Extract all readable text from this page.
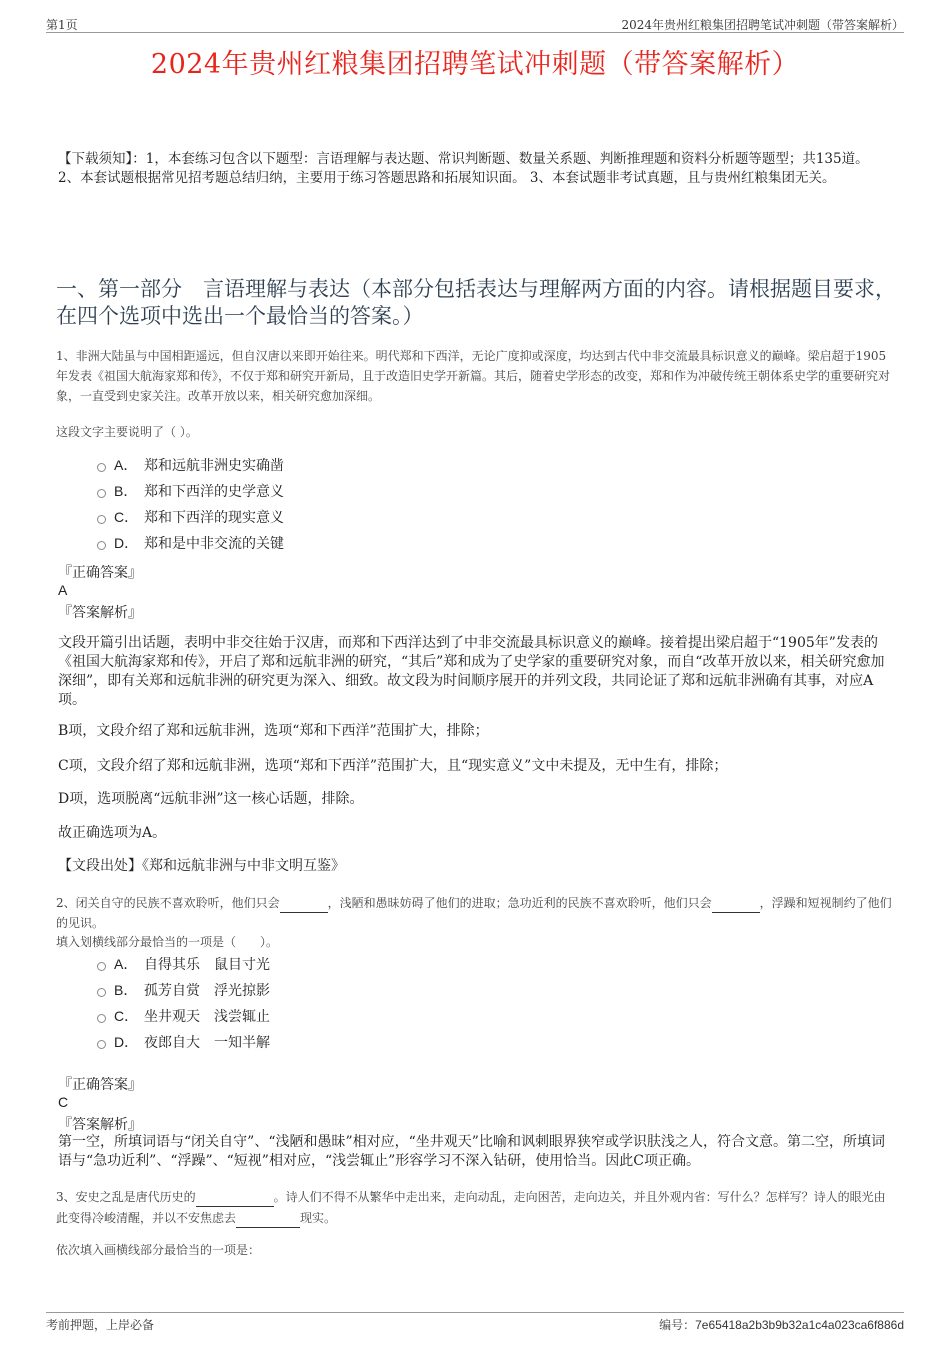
第1页	2024年贵州红粮集团招聘笔试冲刺题（带答案解析）
2024年贵州红粮集团招聘笔试冲刺题（带答案解析）
【下载须知】：1，本套练习包含以下题型：言语理解与表达题、常识判断题、数量关系题、判断推理题和资料分析题等题型；共135道。 2、本套试题根据常见招考题总结归纳，主要用于练习答题思路和拓展知识面。 3、本套试题非考试真题，且与贵州红粮集团无关。
一、第一部分　言语理解与表达（本部分包括表达与理解两方面的内容。请根据题目要求，在四个选项中选出一个最恰当的答案。）
1、非洲大陆虽与中国相距遥远，但自汉唐以来即开始往来。明代郑和下西洋，无论广度抑或深度，均达到古代中非交流最具标识意义的巅峰。梁启超于1905年发表《祖国大航海家郑和传》，不仅于郑和研究开新局，且于改造旧史学开新篇。其后，随着史学形态的改变，郑和作为冲破传统王朝体系史学的重要研究对象，一直受到史家关注。改革开放以来，相关研究愈加深细。
这段文字主要说明了（ ）。
A． 郑和远航非洲史实确凿
B． 郑和下西洋的史学意义
C． 郑和下西洋的现实意义
D． 郑和是中非交流的关键
『正确答案』
A
『答案解析』
文段开篇引出话题，表明中非交往始于汉唐，而郑和下西洋达到了中非交流最具标识意义的巅峰。接着提出梁启超于“1905年”发表的《祖国大航海家郑和传》，开启了郑和远航非洲的研究，“其后”郑和成为了史学家的重要研究对象，而自“改革开放以来，相关研究愈加深细”，即有关郑和远航非洲的研究更为深入、细致。故文段为时间顺序展开的并列文段，共同论证了郑和远航非洲确有其事，对应A项。
B项，文段介绍了郑和远航非洲，选项“郑和下西洋”范围扩大，排除；
C项，文段介绍了郑和远航非洲，选项“郑和下西洋”范围扩大，且“现实意义”文中未提及，无中生有，排除；
D项，选项脱离“远航非洲”这一核心话题，排除。
故正确选项为A。
【文段出处】《郑和远航非洲与中非文明互鉴》
2、闭关自守的民族不喜欢聆听，他们只会	，浅陋和愚昧妨碍了他们的进取；急功近利的民族不喜欢聆听，他们只会	，浮躁和短视制约了他们的见识。
填入划横线部分最恰当的一项是（　　）。
A． 自得其乐　鼠目寸光
B． 孤芳自赏　浮光掠影
C． 坐井观天　浅尝辄止
D． 夜郎自大　一知半解
『正确答案』
C
『答案解析』
第一空，所填词语与“闭关自守”、“浅陋和愚昧”相对应，“坐井观天”比喻和讽刺眼界狭窄或学识肤浅之人，符合文意。第二空，所填词语与“急功近利”、“浮躁”、“短视”相对应，“浅尝辄止”形容学习不深入钻研，使用恰当。因此C项正确。
3、安史之乱是唐代历史的	。诗人们不得不从繁华中走出来，走向动乱，走向困苦，走向边关，并且外观内省：写什么？怎样写？诗人的眼光由此变得冷峻清醒，并以不安焦虑去	现实。
依次填入画横线部分最恰当的一项是：
考前押题，上岸必备	编号：7e65418a2b3b9b32a1c4a023ca6f886d
